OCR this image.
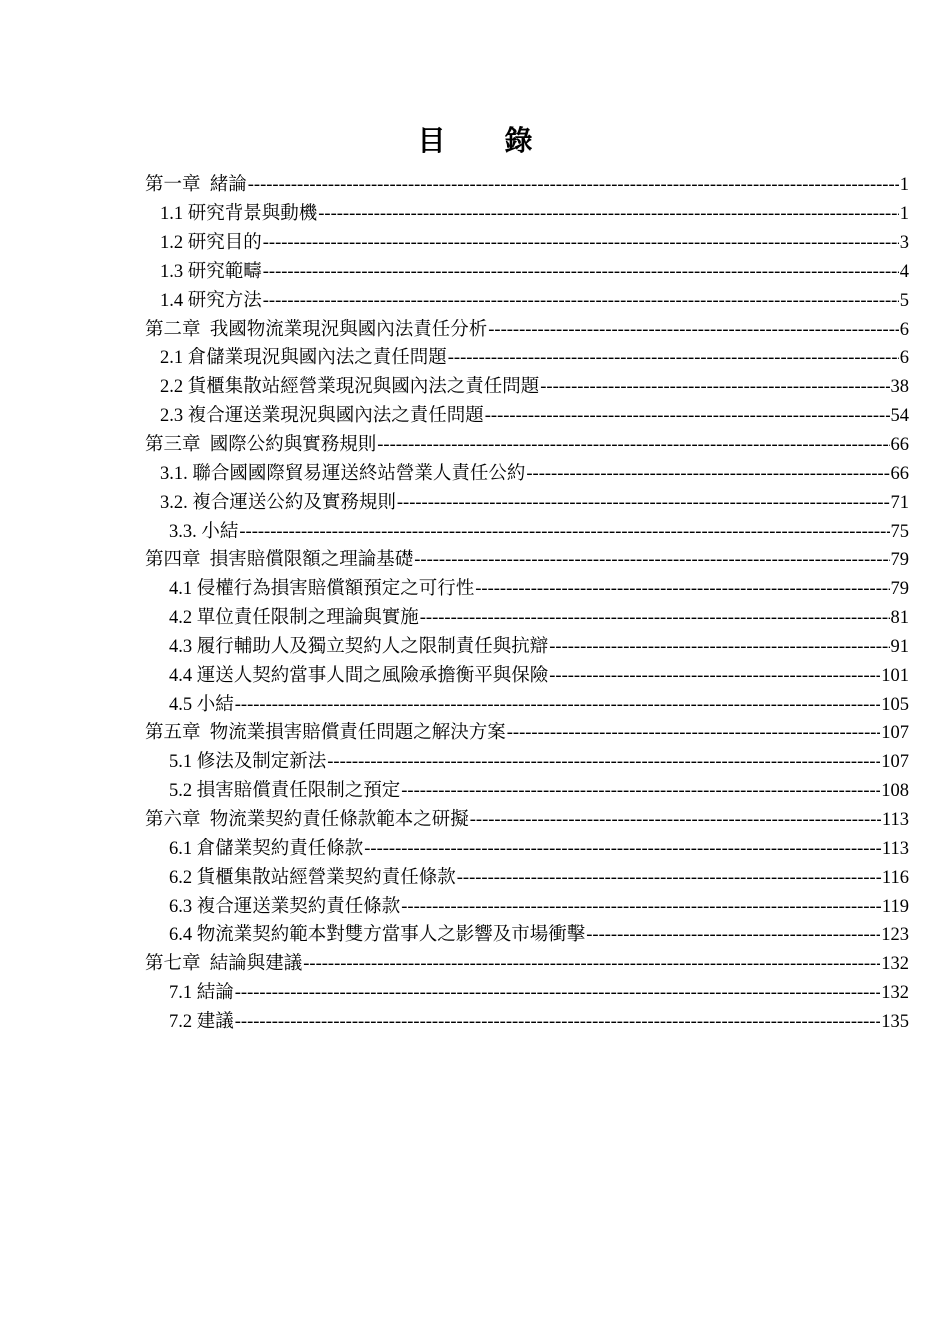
目 錄
第一章  緒論 -----	1
1.1 研究背景與動機 -----	1
1.2 研究目的 -----	3
1.3 研究範疇 -----	4
1.4 研究方法 -----	5
第二章  我國物流業現況與國內法責任分析 -----	6
2.1 倉儲業現況與國內法之責任問題 -----	6
2.2 貨櫃集散站經營業現況與國內法之責任問題 -----	38
2.3 複合運送業現況與國內法之責任問題 -----	54
第三章  國際公約與實務規則 -----	66
3.1. 聯合國國際貿易運送終站營業人責任公約 -----	66
3.2. 複合運送公約及實務規則 -----	71
3.3. 小結 -----	75
第四章  損害賠償限額之理論基礎 -----	79
4.1 侵權行為損害賠償額預定之可行性 -----	79
4.2 單位責任限制之理論與實施 -----	81
4.3 履行輔助人及獨立契約人之限制責任與抗辯 -----	91
4.4 運送人契約當事人間之風險承擔衡平與保險 -----	101
4.5 小結 -----	105
第五章  物流業損害賠償責任問題之解決方案 -----	107
5.1 修法及制定新法 -----	107
5.2 損害賠償責任限制之預定 -----	108
第六章  物流業契約責任條款範本之研擬 -----	113
6.1 倉儲業契約責任條款 -----	113
6.2 貨櫃集散站經營業契約責任條款 -----	116
6.3 複合運送業契約責任條款 -----	119
6.4 物流業契約範本對雙方當事人之影響及市場衝擊 -----	123
第七章  結論與建議 -----	132
7.1 結論 -----	132
7.2 建議 -----	135
